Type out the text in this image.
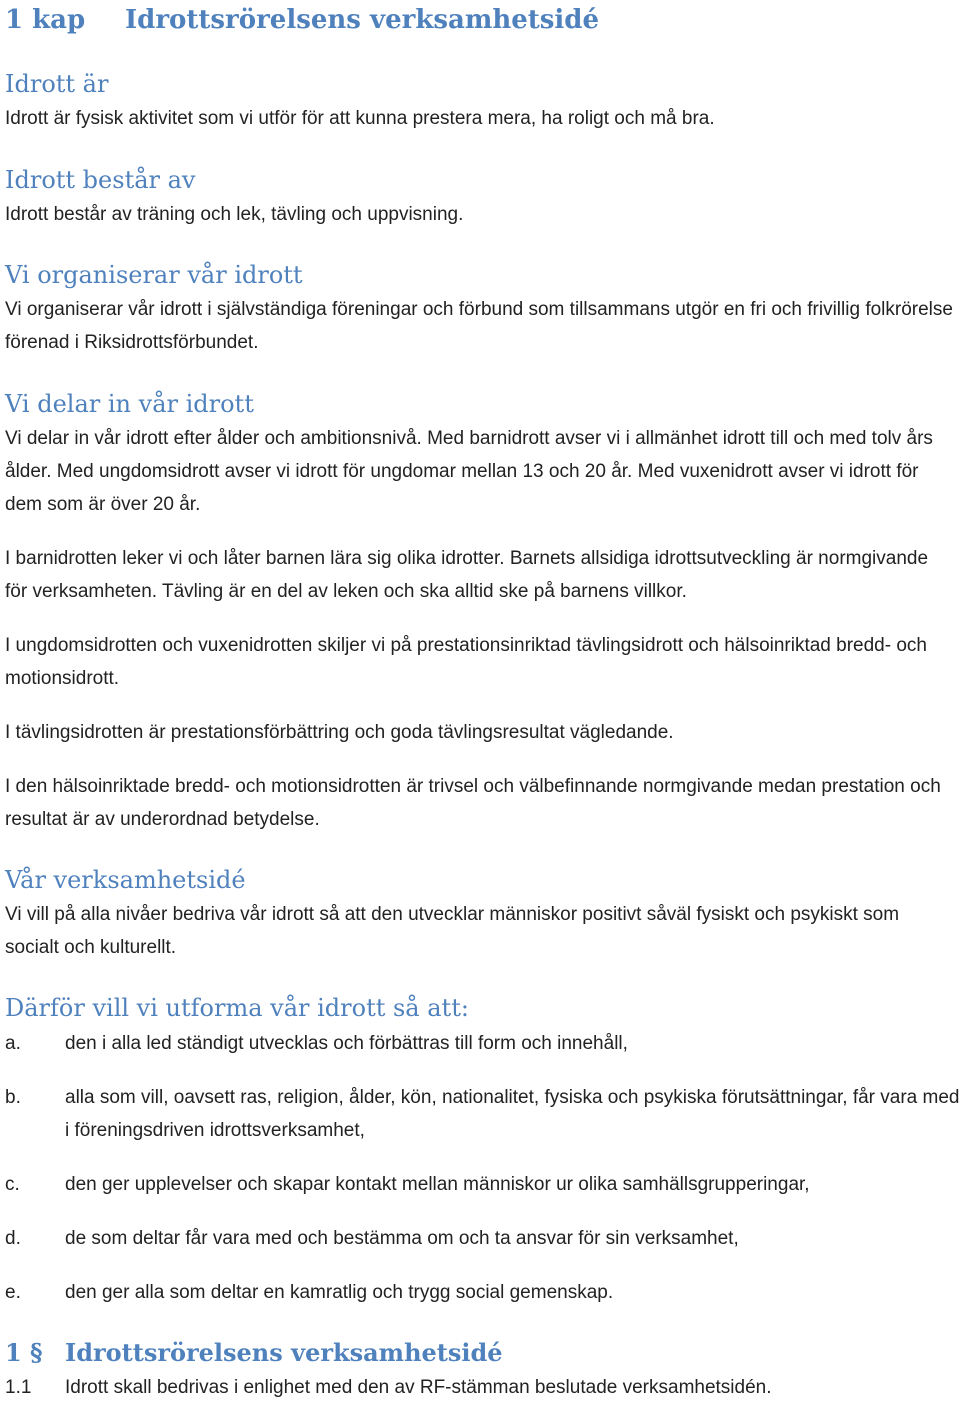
1 kap Idrottsrörelsens verksamhetsidé
Idrott är

Idrott är fysisk aktivitet som vi utför för att kunna prestera mera, ha roligt och må bra.

Idrott består av

Idrott består av träning och lek, tävling och uppvisning.

Vi organiserar vår idrott

Vi organiserar vår idrott i självständiga föreningar och förbund som tillsammans utgör en fri och frivillig folkrörelse förenad i Riksidrottsförbundet.

Vi delar in vår idrott

Vi delar in vår idrott efter ålder och ambitionsnivå. Med barnidrott avser vi i allmänhet idrott till och med tolv års ålder. Med ungdomsidrott avser vi idrott för ungdomar mellan 13 och 20 år. Med vuxenidrott avser vi idrott för dem som är över 20 år.

I barnidrotten leker vi och låter barnen lära sig olika idrotter. Barnets allsidiga idrottsutveckling är normgivande för verksamheten. Tävling är en del av leken och ska alltid ske på barnens villkor.

I ungdomsidrotten och vuxenidrotten skiljer vi på prestationsinriktad tävlingsidrott och hälsoinriktad bredd- och motionsidrott.

I tävlingsidrotten är prestationsförbättring och goda tävlingsresultat vägledande.

I den hälsoinriktade bredd- och motionsidrotten är trivsel och välbefinnande normgivande medan prestation och resultat är av underordnad betydelse.

Vår verksamhetsidé

Vi vill på alla nivåer bedriva vår idrott så att den utvecklar människor positivt såväl fysiskt och psykiskt som socialt och kulturellt.

Därför vill vi utforma vår idrott så att:
a. den i alla led ständigt utvecklas och förbättras till form och innehåll,
b. alla som vill, oavsett ras, religion, ålder, kön, nationalitet, fysiska och psykiska förutsättningar, får vara med i föreningsdriven idrottsverksamhet,
c. den ger upplevelser och skapar kontakt mellan människor ur olika samhällsgrupperingar,
d. de som deltar får vara med och bestämma om och ta ansvar för sin verksamhet,
e. den ger alla som deltar en kamratlig och trygg social gemenskap.
1 § Idrottsrörelsens verksamhetsidé
1.1 Idrott skall bedrivas i enlighet med den av RF-stämman beslutade verksamhetsidén.
